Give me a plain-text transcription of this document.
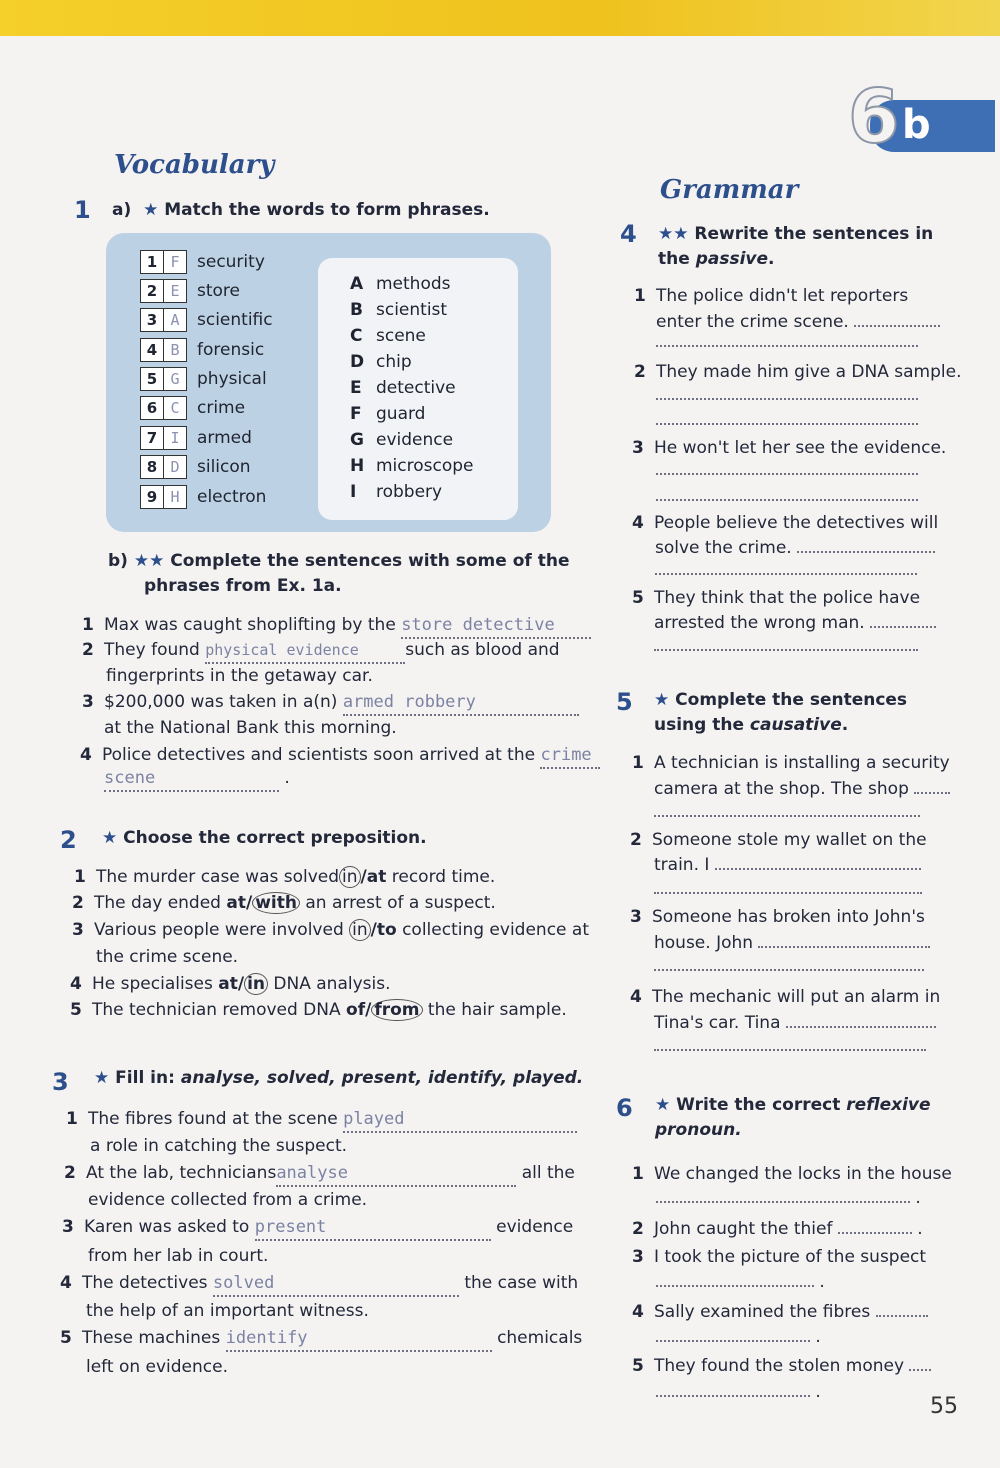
6 b
Vocabulary
1 a)  ★ Match the words to form phrases.
1 F	security
2 E	store
3 A	scientific
4 B	forensic
5 G	physical
6 C	crime
7 I	armed
8 D	silicon
9 H	electron
A methods
B scientist
C scene
D chip
E detective
F guard
G evidence
H microscope
I robbery
b) ★★ Complete the sentences with some of the
phrases from Ex. 1a.
1 Max was caught shoplifting by the store detective
2 They found physical evidence	such as blood and
fingerprints in the getaway car.
3 $200,000 was taken in a(n) armed robbery
at the National Bank this morning.
4 Police detectives and scientists soon arrived at the crime
scene	.
2 ★ Choose the correct preposition.
1 The murder case was solved in /at record time.
2 The day ended at/ with an arrest of a suspect.
3 Various people were involved in /to collecting evidence at
the crime scene.
4 He specialises at/ in DNA analysis.
5 The technician removed DNA of/ from the hair sample.
3 ★ Fill in: analyse, solved, present, identify, played.
1 The fibres found at the scene played
a role in catching the suspect.
2 At the lab, techniciansanalyse	all the
evidence collected from a crime.
3 Karen was asked to present	evidence
from her lab in court.
4 The detectives solved	the case with
the help of an important witness.
5 These machines identify	chemicals
left on evidence.
Grammar
4 ★★ Rewrite the sentences in
the passive.
1 The police didn't let reporters
enter the crime scene.
2 They made him give a DNA sample.
3 He won't let her see the evidence.
4 People believe the detectives will
solve the crime.
5 They think that the police have
arrested the wrong man.
5 ★ Complete the sentences
using the causative.
1 A technician is installing a security
camera at the shop. The shop
2 Someone stole my wallet on the
train. I
3 Someone has broken into John's
house. John
4 The mechanic will put an alarm in
Tina's car. Tina
6 ★ Write the correct reflexive
pronoun.
1 We changed the locks in the house
.
2 John caught the thief	.
3 I took the picture of the suspect
.
4 Sally examined the fibres
.
5 They found the stolen money
.
55
